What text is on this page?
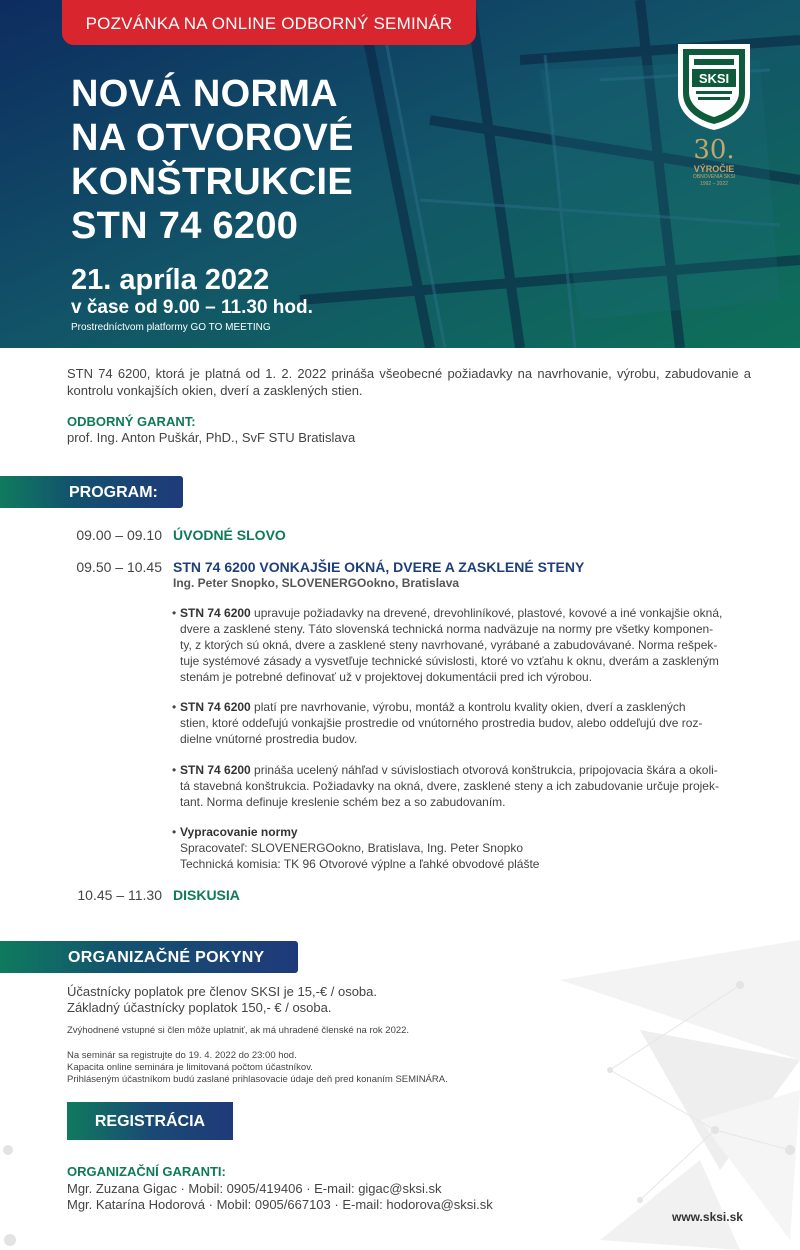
POZVÁNKA NA ONLINE ODBORNÝ SEMINÁR
NOVÁ NORMA
NA OTVOROVÉ
KONŠTRUKCIE
STN 74 6200
21. apríla 2022
v čase od 9.00 – 11.30 hod.
Prostredníctvom platformy GO TO MEETING
SKSI
30.
VÝROČIE
OBNOVENIA SKSI
1992 – 2022
STN 74 6200, ktorá je platná od 1. 2. 2022 prináša všeobecné požiadavky na navrhovanie, výrobu, zabudovanie a kontrolu vonkajších okien, dverí a zasklených stien.
ODBORNÝ GARANT:
prof. Ing. Anton Puškár, PhD., SvF STU Bratislava
PROGRAM:
09.00 – 09.10 ÚVODNÉ SLOVO
09.50 – 10.45 STN 74 6200 VONKAJŠIE OKNÁ, DVERE A ZASKLENÉ STENY
Ing. Peter Snopko, SLOVENERGOokno, Bratislava
• STN 74 6200 upravuje požiadavky na drevené, drevohliníkové, plastové, kovové a iné vonkajšie okná,
dvere a zasklené steny. Táto slovenská technická norma nadväzuje na normy pre všetky komponen-
ty, z ktorých sú okná, dvere a zasklené steny navrhované, vyrábané a zabudovávané. Norma rešpek-
tuje systémové zásady a vysvetľuje technické súvislosti, ktoré vo vzťahu k oknu, dverám a zaskleným
stenám je potrebné definovať už v projektovej dokumentácii pred ich výrobou.
• STN 74 6200 platí pre navrhovanie, výrobu, montáž a kontrolu kvality okien, dverí a zasklených
stien, ktoré oddeľujú vonkajšie prostredie od vnútorného prostredia budov, alebo oddeľujú dve roz-
dielne vnútorné prostredia budov.
• STN 74 6200 prináša ucelený náhľad v súvislostiach otvorová konštrukcia, pripojovacia škára a okoli-
tá stavebná konštrukcia. Požiadavky na okná, dvere, zasklené steny a ich zabudovanie určuje projek-
tant. Norma definuje kreslenie schém bez a so zabudovaním.
• Vypracovanie normy
Spracovateľ: SLOVENERGOokno, Bratislava, Ing. Peter Snopko
Technická komisia: TK 96 Otvorové výplne a ľahké obvodové plášte
10.45 – 11.30 DISKUSIA
ORGANIZAČNÉ POKYNY
Účastnícky poplatok pre členov SKSI je 15,-€ / osoba.
Základný účastnícky poplatok 150,- € / osoba.
Zvýhodnené vstupné si člen môže uplatniť, ak má uhradené členské na rok 2022.
Na seminár sa registrujte do 19. 4. 2022 do 23:00 hod.
Kapacita online seminára je limitovaná počtom účastníkov.
Prihláseným účastníkom budú zaslané prihlasovacie údaje deň pred konaním SEMINÁRA.
REGISTRÁCIA
ORGANIZAČNÍ GARANTI:
Mgr. Zuzana Gigac · Mobil: 0905/419406 · E-mail: gigac@sksi.sk
Mgr. Katarína Hodorová · Mobil: 0905/667103 · E-mail: hodorova@sksi.sk
www.sksi.sk
